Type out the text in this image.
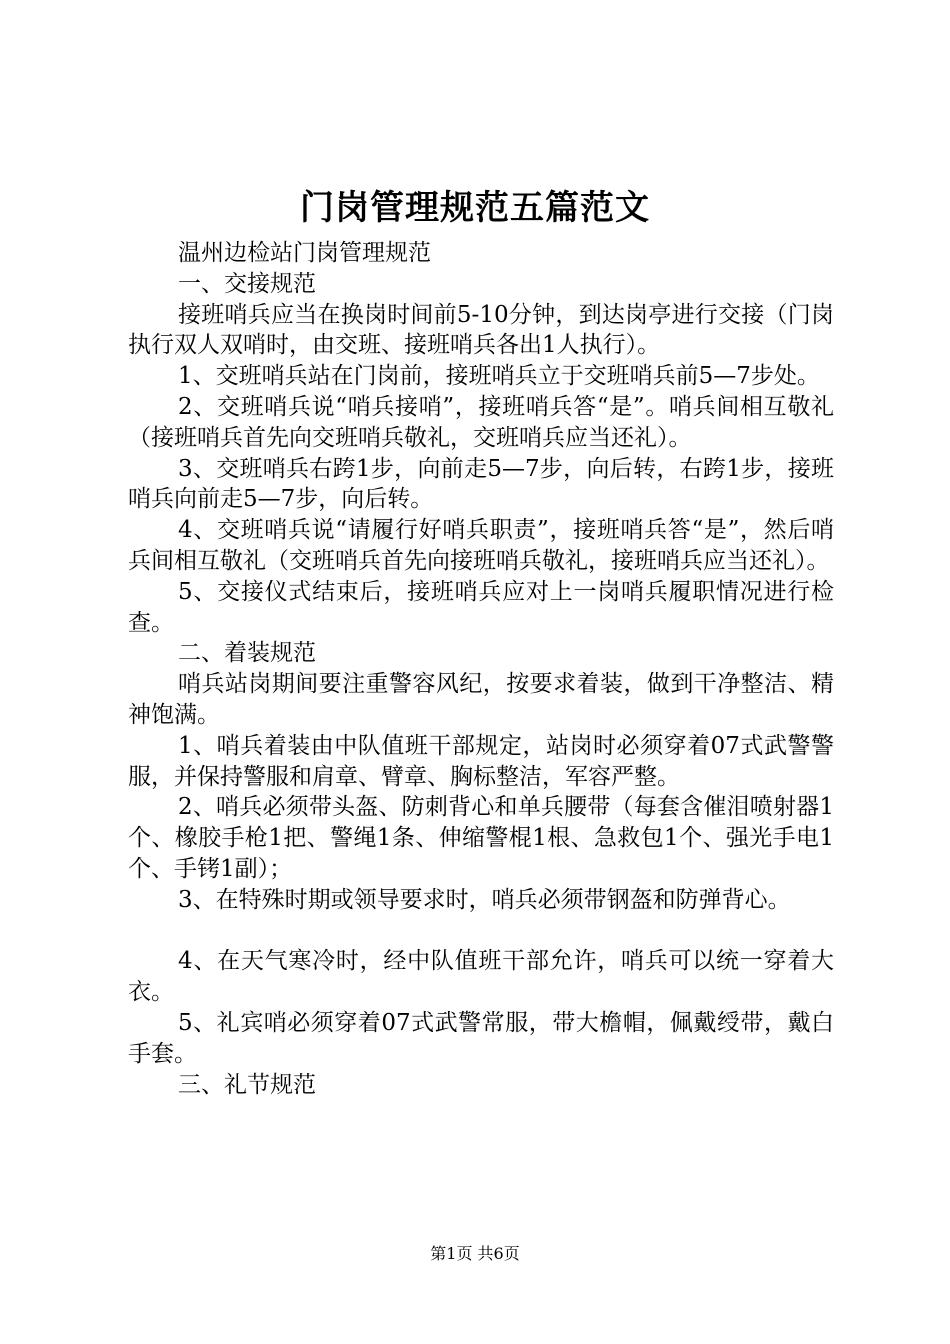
门岗管理规范五篇范文

温州边检站门岗管理规范

一、交接规范

接班哨兵应当在换岗时间前5-10分钟，到达岗亭进行交接（门岗执行双人双哨时，由交班、接班哨兵各出1人执行）。

1、交班哨兵站在门岗前，接班哨兵立于交班哨兵前5—7步处。

2、交班哨兵说“哨兵接哨”，接班哨兵答“是”。哨兵间相互敬礼（接班哨兵首先向交班哨兵敬礼，交班哨兵应当还礼）。

3、交班哨兵右跨1步，向前走5—7步，向后转，右跨1步，接班哨兵向前走5—7步，向后转。

4、交班哨兵说“请履行好哨兵职责”，接班哨兵答“是”，然后哨兵间相互敬礼（交班哨兵首先向接班哨兵敬礼，接班哨兵应当还礼）。

5、交接仪式结束后，接班哨兵应对上一岗哨兵履职情况进行检查。

二、着装规范

哨兵站岗期间要注重警容风纪，按要求着装，做到干净整洁、精神饱满。

1、哨兵着装由中队值班干部规定，站岗时必须穿着07式武警警服，并保持警服和肩章、臂章、胸标整洁，军容严整。

2、哨兵必须带头盔、防刺背心和单兵腰带（每套含催泪喷射器1个、橡胶手枪1把、警绳1条、伸缩警棍1根、急救包1个、强光手电1个、手铐1副）；

3、在特殊时期或领导要求时，哨兵必须带钢盔和防弹背心。

4、在天气寒冷时，经中队值班干部允许，哨兵可以统一穿着大衣。

5、礼宾哨必须穿着07式武警常服，带大檐帽，佩戴绶带，戴白手套。

三、礼节规范

第1页 共6页
